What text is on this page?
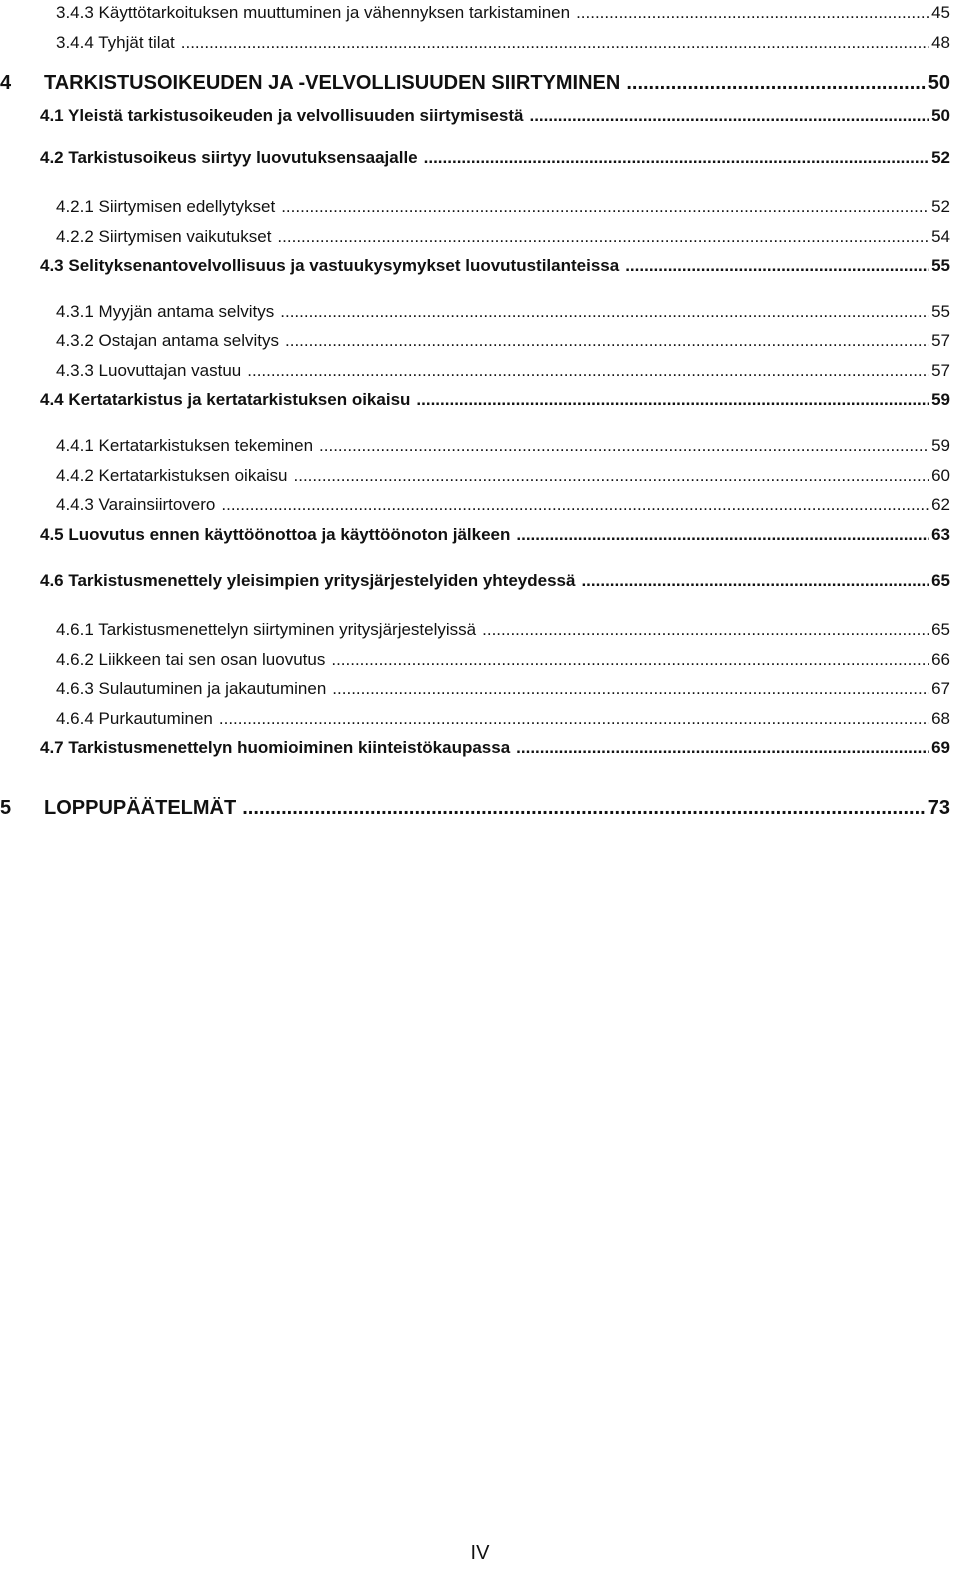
3.4.3 Käyttötarkoituksen muuttuminen ja vähennyksen tarkistaminen .....	45
3.4.4 Tyhjät tilat .....	48
4 TARKISTUSOIKEUDEN JA -VELVOLLISUUDEN SIIRTYMINEN .....	50
4.1 Yleistä tarkistusoikeuden ja velvollisuuden siirtymisestä .....	50
4.2 Tarkistusoikeus siirtyy luovutuksensaajalle .....	52
4.2.1 Siirtymisen edellytykset .....	52
4.2.2 Siirtymisen vaikutukset .....	54
4.3 Selityksenantovelvollisuus ja vastuukysymykset luovutustilanteissa .....	55
4.3.1 Myyjän antama selvitys .....	55
4.3.2 Ostajan antama selvitys .....	57
4.3.3 Luovuttajan vastuu .....	57
4.4 Kertatarkistus ja kertatarkistuksen oikaisu .....	59
4.4.1 Kertatarkistuksen tekeminen .....	59
4.4.2 Kertatarkistuksen oikaisu .....	60
4.4.3 Varainsiirtovero .....	62
4.5 Luovutus ennen käyttöönottoa ja käyttöönoton jälkeen .....	63
4.6 Tarkistusmenettely yleisimpien yritysjärjestelyiden yhteydessä .....	65
4.6.1 Tarkistusmenettelyn siirtyminen yritysjärjestelyissä .....	65
4.6.2 Liikkeen tai sen osan luovutus .....	66
4.6.3 Sulautuminen ja jakautuminen .....	67
4.6.4 Purkautuminen .....	68
4.7 Tarkistusmenettelyn huomioiminen kiinteistökaupassa .....	69
5 LOPPUPÄÄTELMÄT .....	73
IV
